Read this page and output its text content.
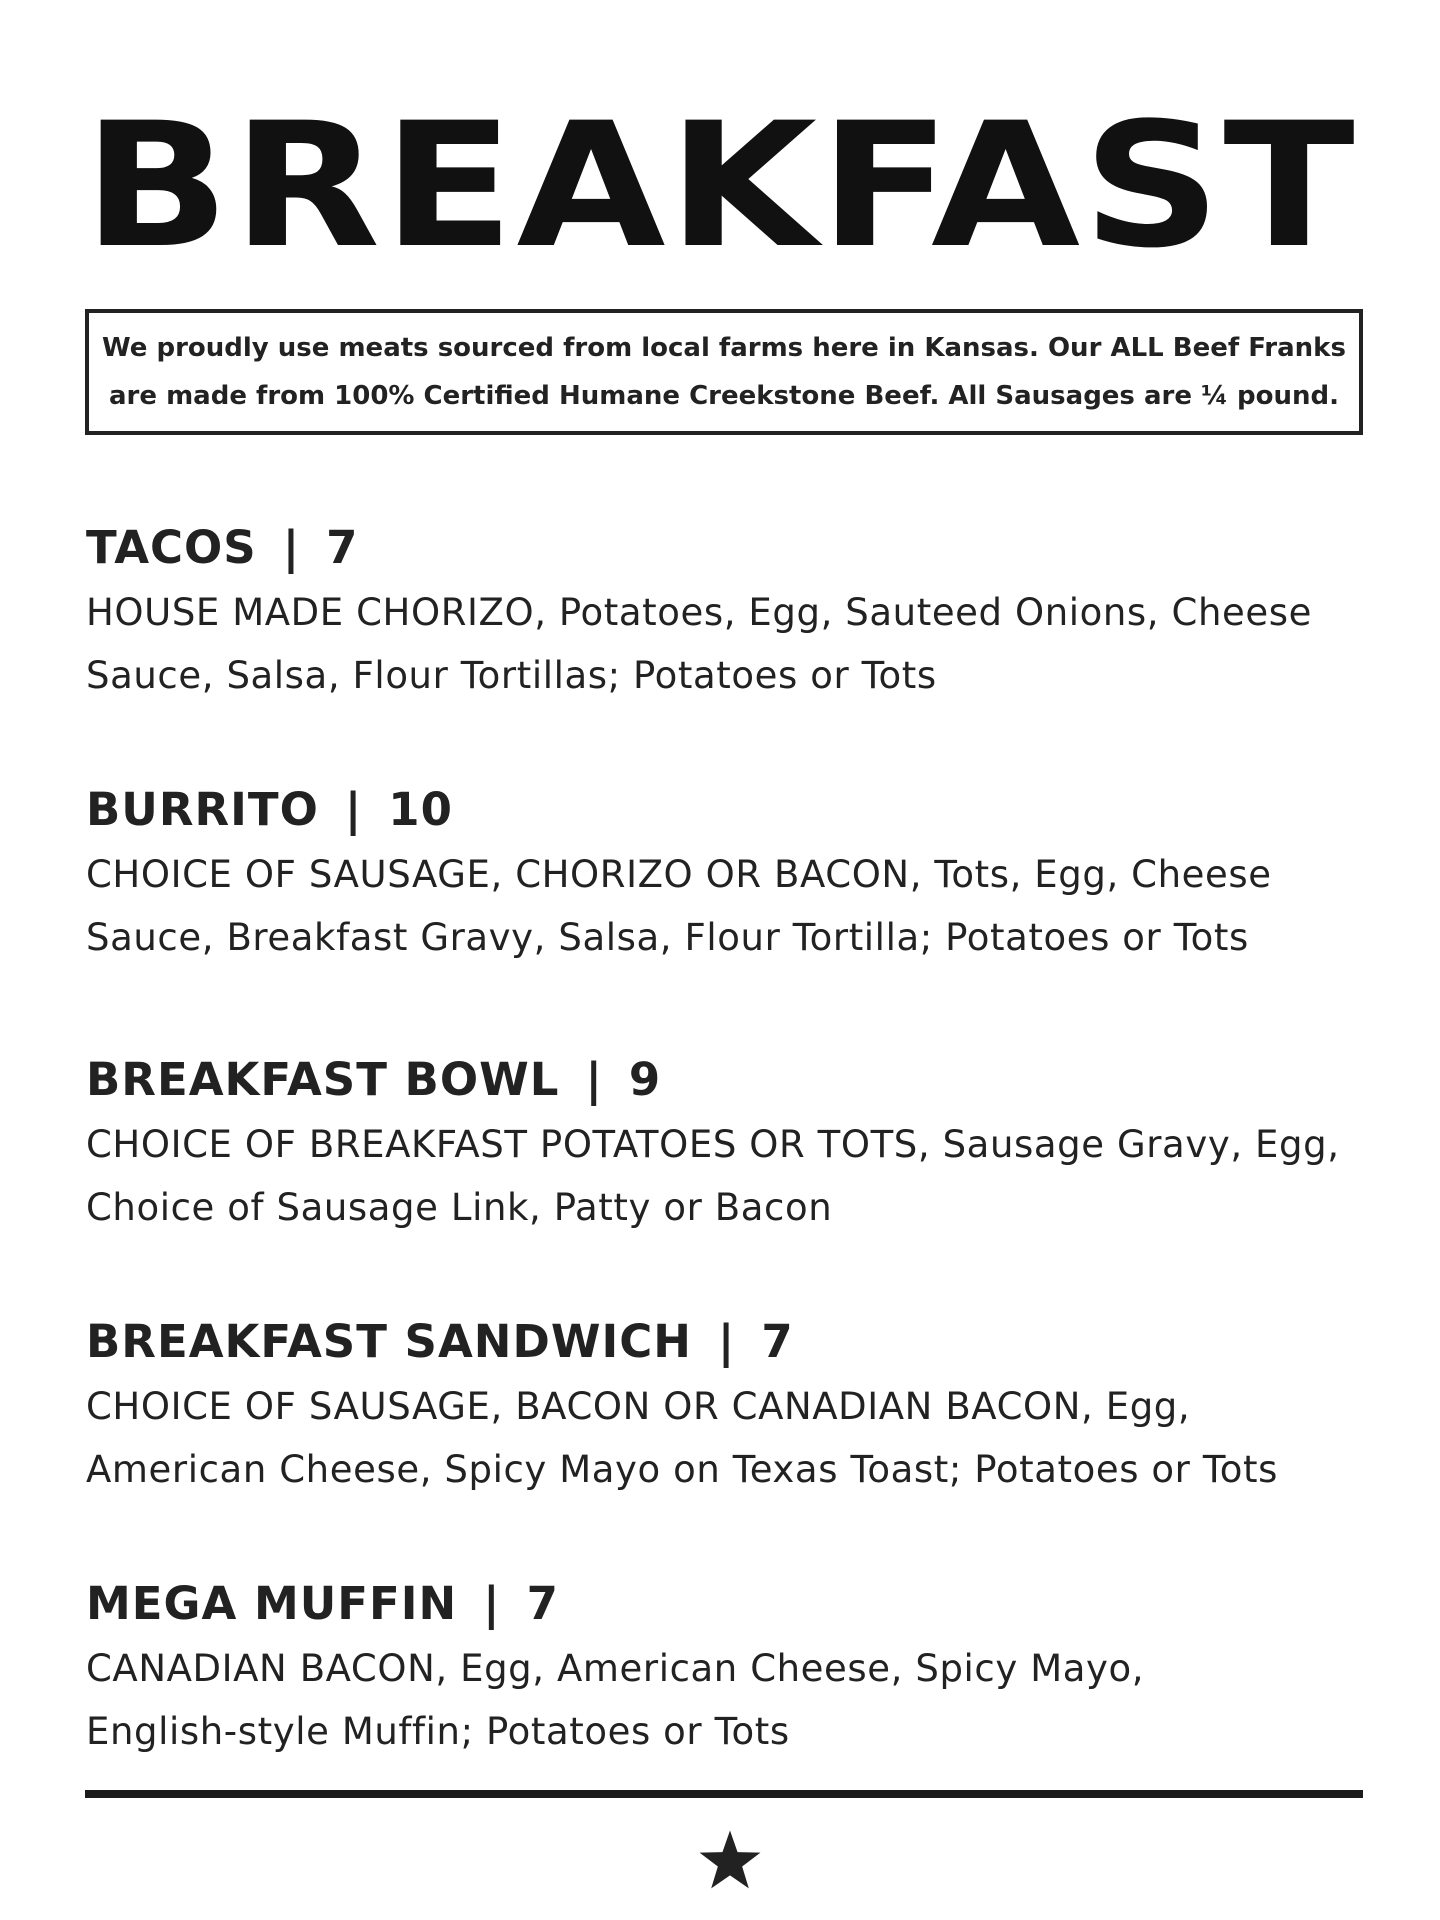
BREAKFAST
We proudly use meats sourced from local farms here in Kansas. Our ALL Beef Franks
are made from 100% Certified Humane Creekstone Beef. All Sausages are ¼ pound.
TACOS | 7
HOUSE MADE CHORIZO, Potatoes, Egg, Sauteed Onions, Cheese
Sauce, Salsa, Flour Tortillas; Potatoes or Tots
BURRITO | 10
CHOICE OF SAUSAGE, CHORIZO OR BACON, Tots, Egg, Cheese
Sauce, Breakfast Gravy, Salsa, Flour Tortilla; Potatoes or Tots
BREAKFAST BOWL | 9
CHOICE OF BREAKFAST POTATOES OR TOTS, Sausage Gravy, Egg,
Choice of Sausage Link, Patty or Bacon
BREAKFAST SANDWICH | 7
CHOICE OF SAUSAGE, BACON OR CANADIAN BACON, Egg,
American Cheese, Spicy Mayo on Texas Toast; Potatoes or Tots
MEGA MUFFIN | 7
CANADIAN BACON, Egg, American Cheese, Spicy Mayo,
English-style Muffin; Potatoes or Tots
